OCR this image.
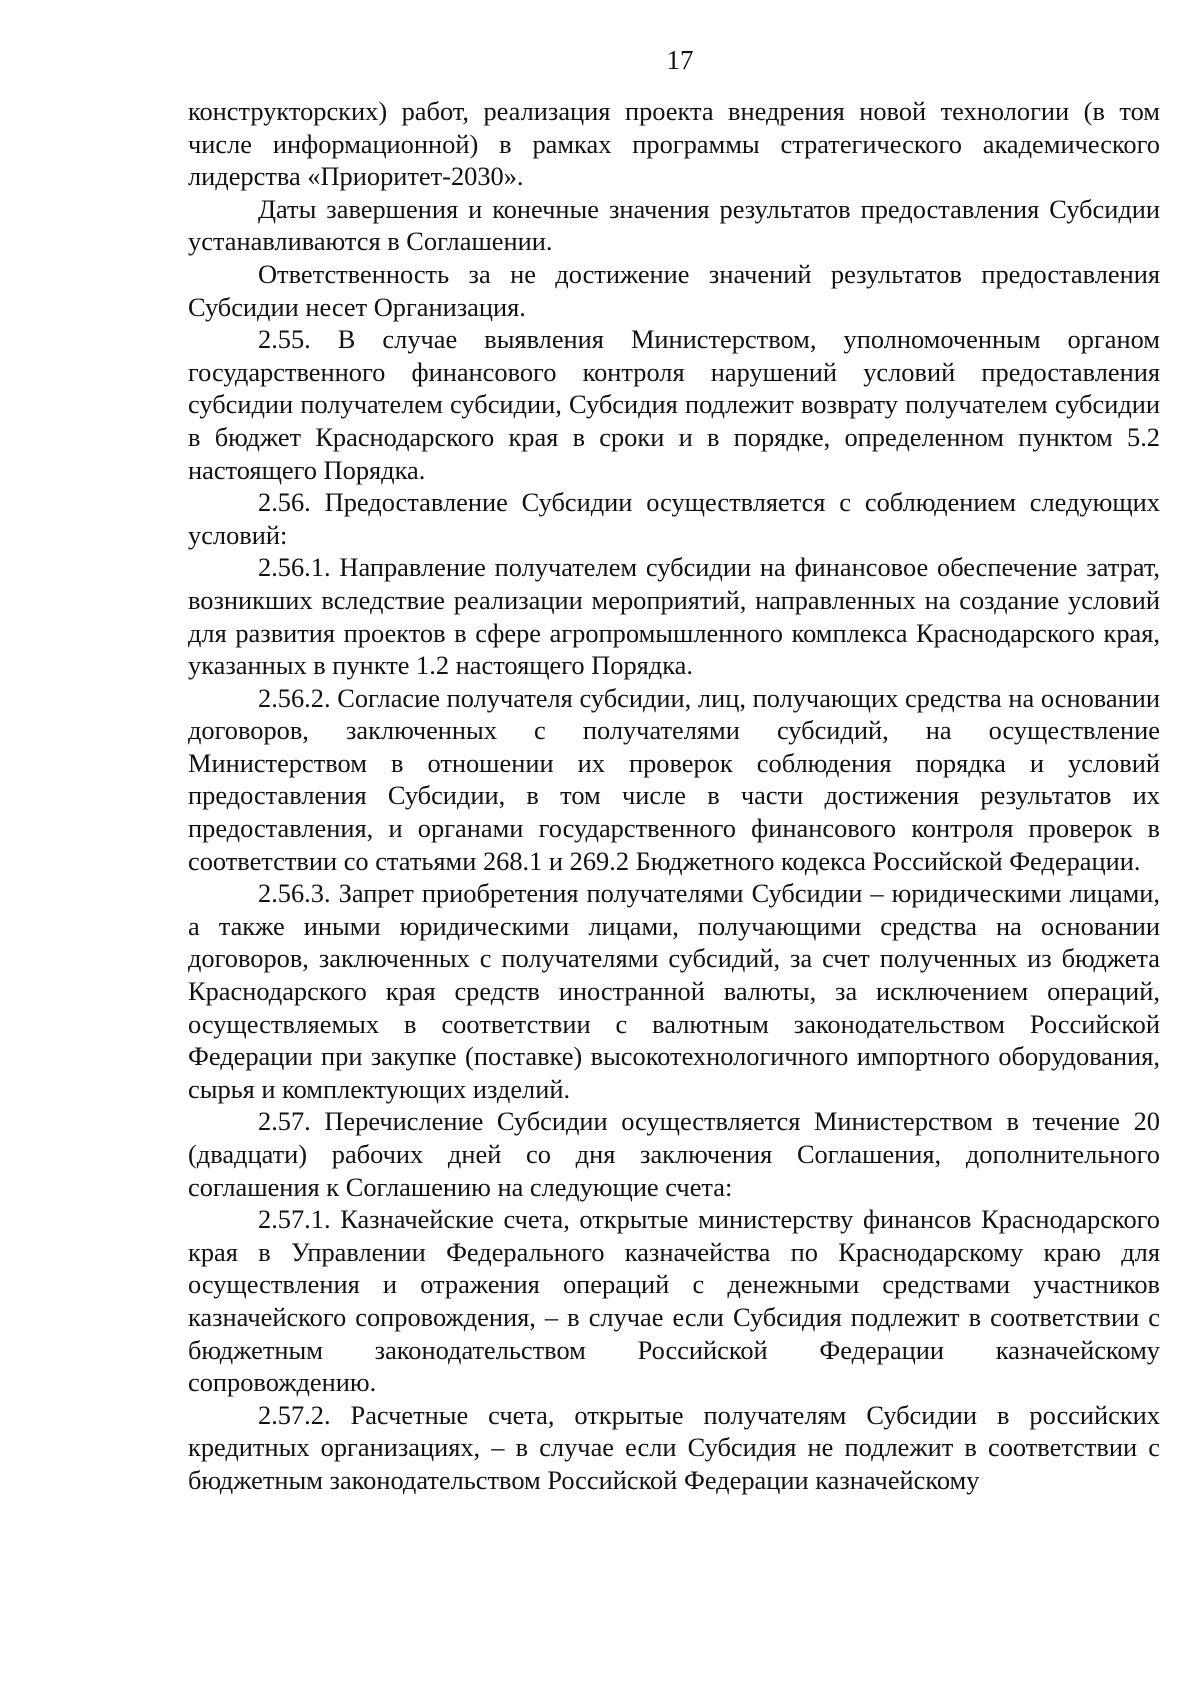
17

конструкторских) работ, реализация проекта внедрения новой технологии (в том числе информационной) в рамках программы стратегического академического лидерства «Приоритет-2030».

Даты завершения и конечные значения результатов предоставления Субсидии устанавливаются в Соглашении.

Ответственность за не достижение значений результатов предоставления Субсидии несет Организация.

2.55. В случае выявления Министерством, уполномоченным органом государственного финансового контроля нарушений условий предоставления субсидии получателем субсидии, Субсидия подлежит возврату получателем субсидии в бюджет Краснодарского края в сроки и в порядке, определенном пунктом 5.2 настоящего Порядка.

2.56. Предоставление Субсидии осуществляется с соблюдением следующих условий:

2.56.1. Направление получателем субсидии на финансовое обеспечение затрат, возникших вследствие реализации мероприятий, направленных на создание условий для развития проектов в сфере агропромышленного комплекса Краснодарского края, указанных в пункте 1.2 настоящего Порядка.

2.56.2. Согласие получателя субсидии, лиц, получающих средства на основании договоров, заключенных с получателями субсидий, на осуществление Министерством в отношении их проверок соблюдения порядка и условий предоставления Субсидии, в том числе в части достижения результатов их предоставления, и органами государственного финансового контроля проверок в соответствии со статьями 268.1 и 269.2 Бюджетного кодекса Российской Федерации.

2.56.3. Запрет приобретения получателями Субсидии – юридическими лицами, а также иными юридическими лицами, получающими средства на основании договоров, заключенных с получателями субсидий, за счет полученных из бюджета Краснодарского края средств иностранной валюты, за исключением операций, осуществляемых в соответствии с валютным законодательством Российской Федерации при закупке (поставке) высокотехнологичного импортного оборудования, сырья и комплектующих изделий.

2.57. Перечисление Субсидии осуществляется Министерством в течение 20 (двадцати) рабочих дней со дня заключения Соглашения, дополнительного соглашения к Соглашению на следующие счета:

2.57.1. Казначейские счета, открытые министерству финансов Краснодарского края в Управлении Федерального казначейства по Краснодарскому краю для осуществления и отражения операций с денежными средствами участников казначейского сопровождения, – в случае если Субсидия подлежит в соответствии с бюджетным законодательством Российской Федерации казначейскому сопровождению.

2.57.2. Расчетные счета, открытые получателям Субсидии в российских кредитных организациях, – в случае если Субсидия не подлежит в соответствии с бюджетным законодательством Российской Федерации казначейскому
